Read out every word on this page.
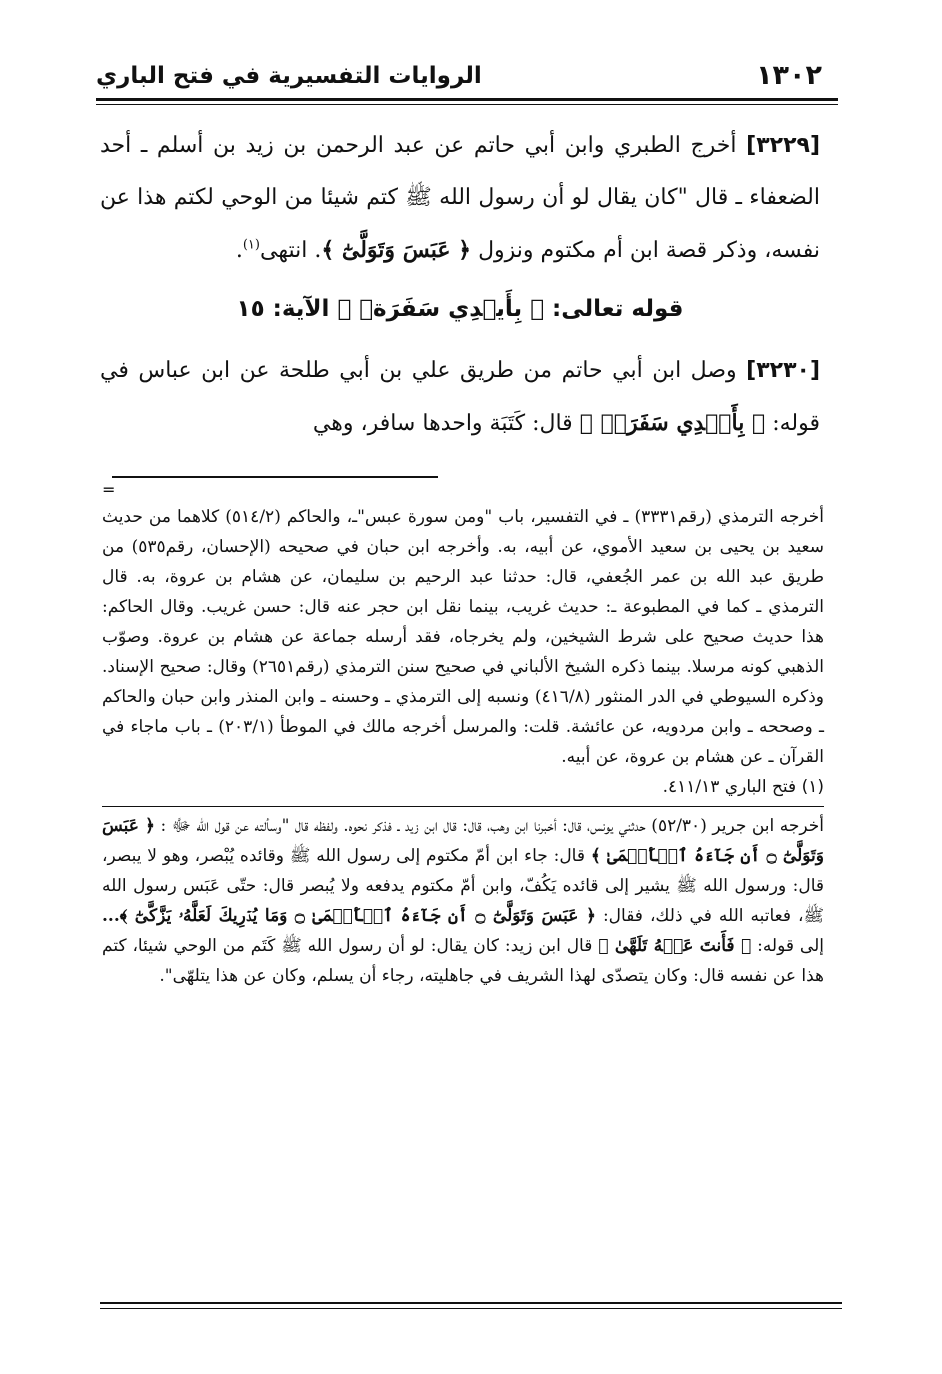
١٣٠٢
الروايات التفسيرية في فتح الباري

[٣٢٢٩] أخرج الطبري وابن أبي حاتم عن عبد الرحمن بن زيد بن أسلم ـ أحد الضعفاء ـ قال "كان يقال لو أن رسول الله ﷺ كتم شيئا من الوحي لكتم هذا عن نفسه، وذكر قصة ابن أم مكتوم ونزول ﴿ عَبَسَ وَتَوَلَّىٰٓ ﴾. انتهى$^{(١)}$.

قوله تعالى: ﴿ بِأَيۡدِي سَفَرَةٖ ﴾ الآية: ١٥

[٣٢٣٠] وصل ابن أبي حاتم من طريق علي بن أبي طلحة عن ابن عباس في قوله: ﴿ بِأَيۡدِي سَفَرَةٖ ﴾ قال: كَتَبَة واحدها سافر، وهي

=

أخرجه الترمذي (رقم٣٣٣١) ـ في التفسير، باب "ومن سورة عبس"ـ، والحاكم (٥١٤/٢) كلاهما من حديث سعيد بن يحيى بن سعيد الأموي، عن أبيه، به. وأخرجه ابن حبان في صحيحه (الإحسان، رقم٥٣٥) من طريق عبد الله بن عمر الجُعفي، قال: حدثنا عبد الرحيم بن سليمان، عن هشام بن عروة، به. قال الترمذي ـ كما في المطبوعة ـ: حديث غريب، بينما نقل ابن حجر عنه قال: حسن غريب. وقال الحاكم: هذا حديث صحيح على شرط الشيخين، ولم يخرجاه، فقد أرسله جماعة عن هشام بن عروة. وصوّب الذهبي كونه مرسلا. بينما ذكره الشيخ الألباني في صحيح سنن الترمذي (رقم٢٦٥١) وقال: صحيح الإسناد. وذكره السيوطي في الدر المنثور (٤١٦/٨) ونسبه إلى الترمذي ـ وحسنه ـ وابن المنذر وابن حبان والحاكم ـ وصححه ـ وابن مردويه، عن عائشة. قلت: والمرسل أخرجه مالك في الموطأ (٢٠٣/١) ـ باب ماجاء في القرآن ـ عن هشام بن عروة، عن أبيه.

(١) فتح الباري ٤١١/١٣.

أخرجه ابن جرير (٥٢/٣٠) حدثني يونس، قال: أخبرنا ابن وهب، قال: قال ابن زيد ـ فذكر نحوه. ولفظه قال "وسألته عن قول الله ﷻ : ﴿ عَبَسَ وَتَوَلَّىٰٓ ۝ أَن جَآءَهُ ٱلۡأَعۡمَىٰ ﴾ قال: جاء ابن أمّ مكتوم إلى رسول الله ﷺ وقائده يُبْصر، وهو لا يبصر، قال: ورسول الله ﷺ يشير إلى قائده يَكُفّ، وابن أمّ مكتوم يدفعه ولا يُبصر قال: حتّى عَبَس رسول الله ﷺ، فعاتبه الله في ذلك، فقال: ﴿ عَبَسَ وَتَوَلَّىٰٓ ۝ أَن جَآءَهُ ٱلۡأَعۡمَىٰ ۝ وَمَا يُدۡرِيكَ لَعَلَّهُۥ يَزَّكَّىٰٓ ﴾... إلى قوله: ﴿ فَأَنتَ عَنۡهُ تَلَهَّىٰ ﴾ قال ابن زيد: كان يقال: لو أن رسول الله ﷺ كَتَم من الوحي شيئا، كتم هذا عن نفسه قال: وكان يتصدّى لهذا الشريف في جاهليته، رجاء أن يسلم، وكان عن هذا يتلهّى".
